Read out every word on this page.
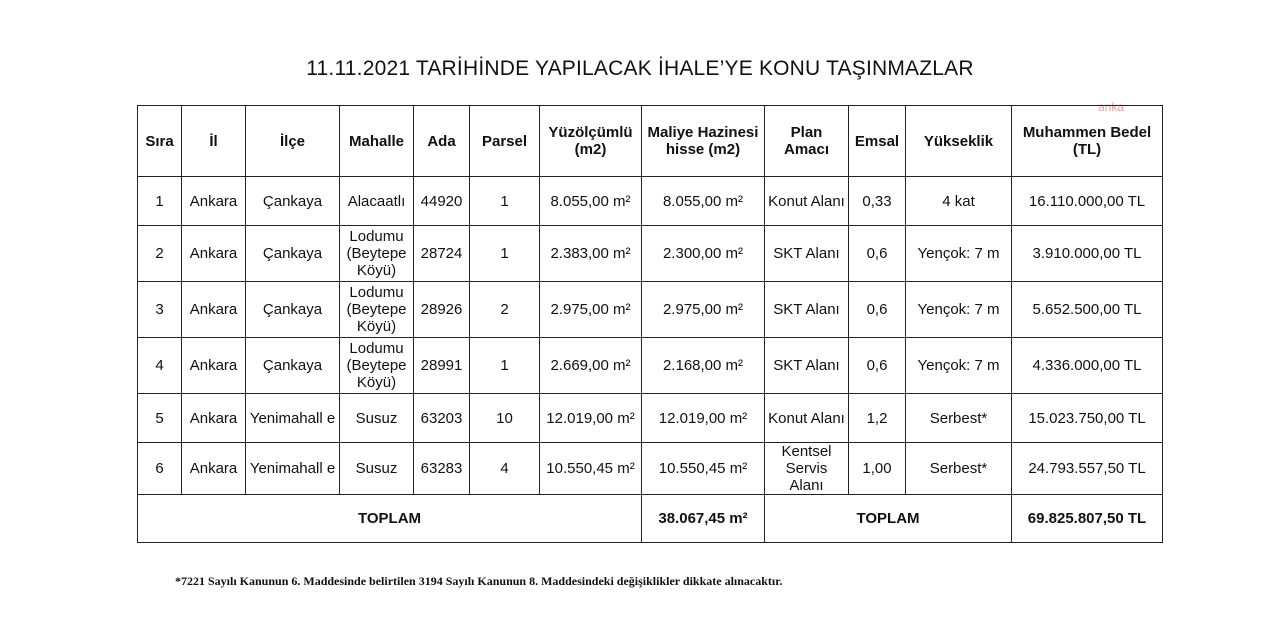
11.11.2021 TARİHİNDE YAPILACAK İHALE’YE KONU TAŞINMAZLAR
anka
Sıra	İl	İlçe	Mahalle	Ada	Parsel	Yüzölçümlü (m2)	Maliye Hazinesi hisse (m2)	Plan Amacı	Emsal	Yükseklik	Muhammen Bedel (TL)
1	Ankara	Çankaya	Alacaatlı	44920	1	8.055,00 m²	8.055,00 m²	Konut Alanı	0,33	4 kat	16.110.000,00 TL
2	Ankara	Çankaya	Lodumu (Beytepe Köyü)	28724	1	2.383,00 m²	2.300,00 m²	SKT Alanı	0,6	Yençok: 7 m	3.910.000,00 TL
3	Ankara	Çankaya	Lodumu (Beytepe Köyü)	28926	2	2.975,00 m²	2.975,00 m²	SKT Alanı	0,6	Yençok: 7 m	5.652.500,00 TL
4	Ankara	Çankaya	Lodumu (Beytepe Köyü)	28991	1	2.669,00 m²	2.168,00 m²	SKT Alanı	0,6	Yençok: 7 m	4.336.000,00 TL
5	Ankara	Yenimahall e	Susuz	63203	10	12.019,00 m²	12.019,00 m²	Konut Alanı	1,2	Serbest*	15.023.750,00 TL
6	Ankara	Yenimahall e	Susuz	63283	4	10.550,45 m²	10.550,45 m²	Kentsel Servis Alanı	1,00	Serbest*	24.793.557,50 TL
TOPLAM							38.067,45 m²	TOPLAM			69.825.807,50 TL
*7221 Sayılı Kanunun 6. Maddesinde belirtilen 3194 Sayılı Kanunun 8. Maddesindeki değişiklikler dikkate alınacaktır.
